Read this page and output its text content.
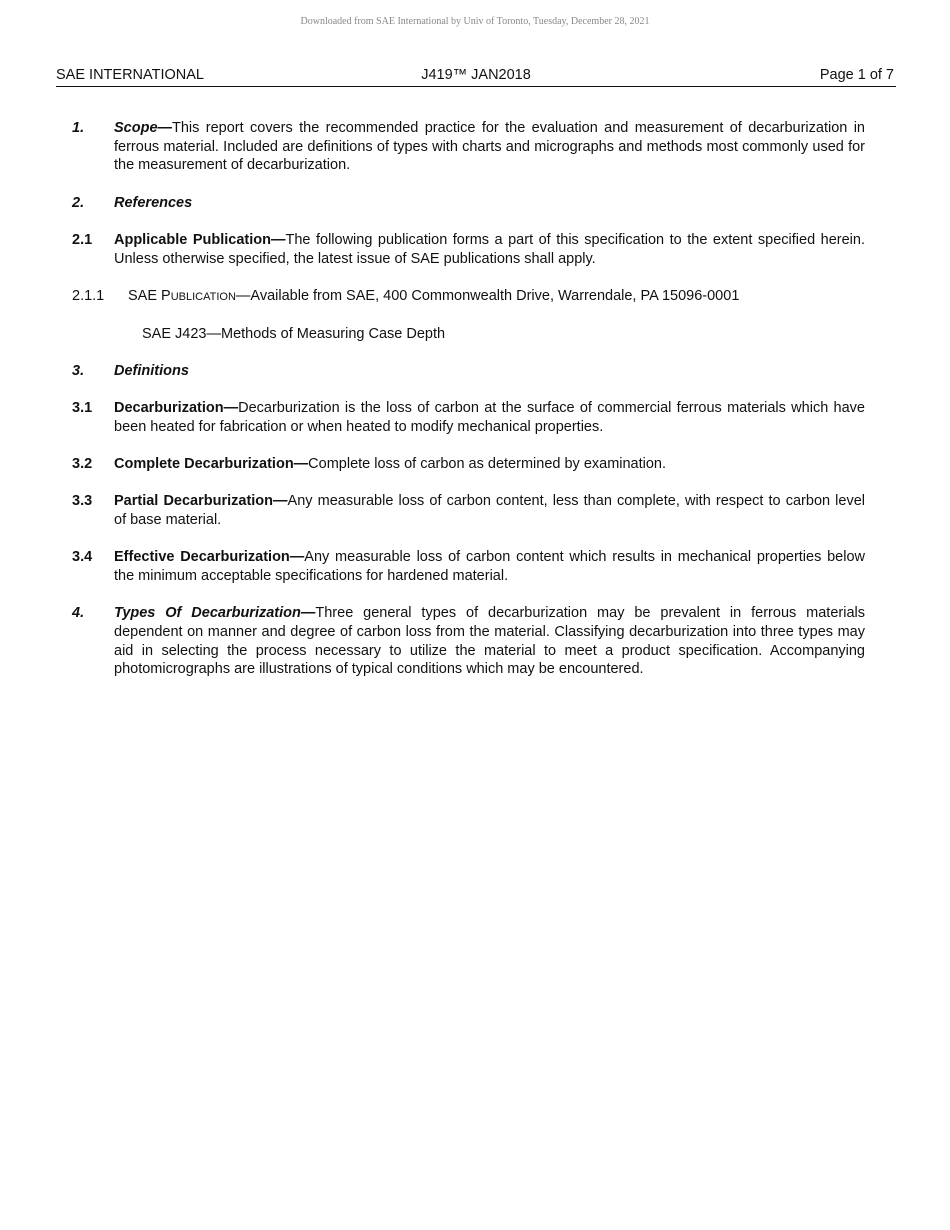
Downloaded from SAE International by Univ of Toronto, Tuesday, December 28, 2021
SAE INTERNATIONAL	J419™ JAN2018	Page 1 of 7
1.	Scope—This report covers the recommended practice for the evaluation and measurement of decarburization in ferrous material. Included are definitions of types with charts and micrographs and methods most commonly used for the measurement of decarburization.
2.	References
2.1	Applicable Publication—The following publication forms a part of this specification to the extent specified herein. Unless otherwise specified, the latest issue of SAE publications shall apply.
2.1.1	SAE PUBLICATION—Available from SAE, 400 Commonwealth Drive, Warrendale, PA 15096-0001
SAE J423—Methods of Measuring Case Depth
3.	Definitions
3.1	Decarburization—Decarburization is the loss of carbon at the surface of commercial ferrous materials which have been heated for fabrication or when heated to modify mechanical properties.
3.2	Complete Decarburization—Complete loss of carbon as determined by examination.
3.3	Partial Decarburization—Any measurable loss of carbon content, less than complete, with respect to carbon level of base material.
3.4	Effective Decarburization—Any measurable loss of carbon content which results in mechanical properties below the minimum acceptable specifications for hardened material.
4.	Types Of Decarburization—Three general types of decarburization may be prevalent in ferrous materials dependent on manner and degree of carbon loss from the material. Classifying decarburization into three types may aid in selecting the process necessary to utilize the material to meet a product specification. Accompanying photomicrographs are illustrations of typical conditions which may be encountered.
